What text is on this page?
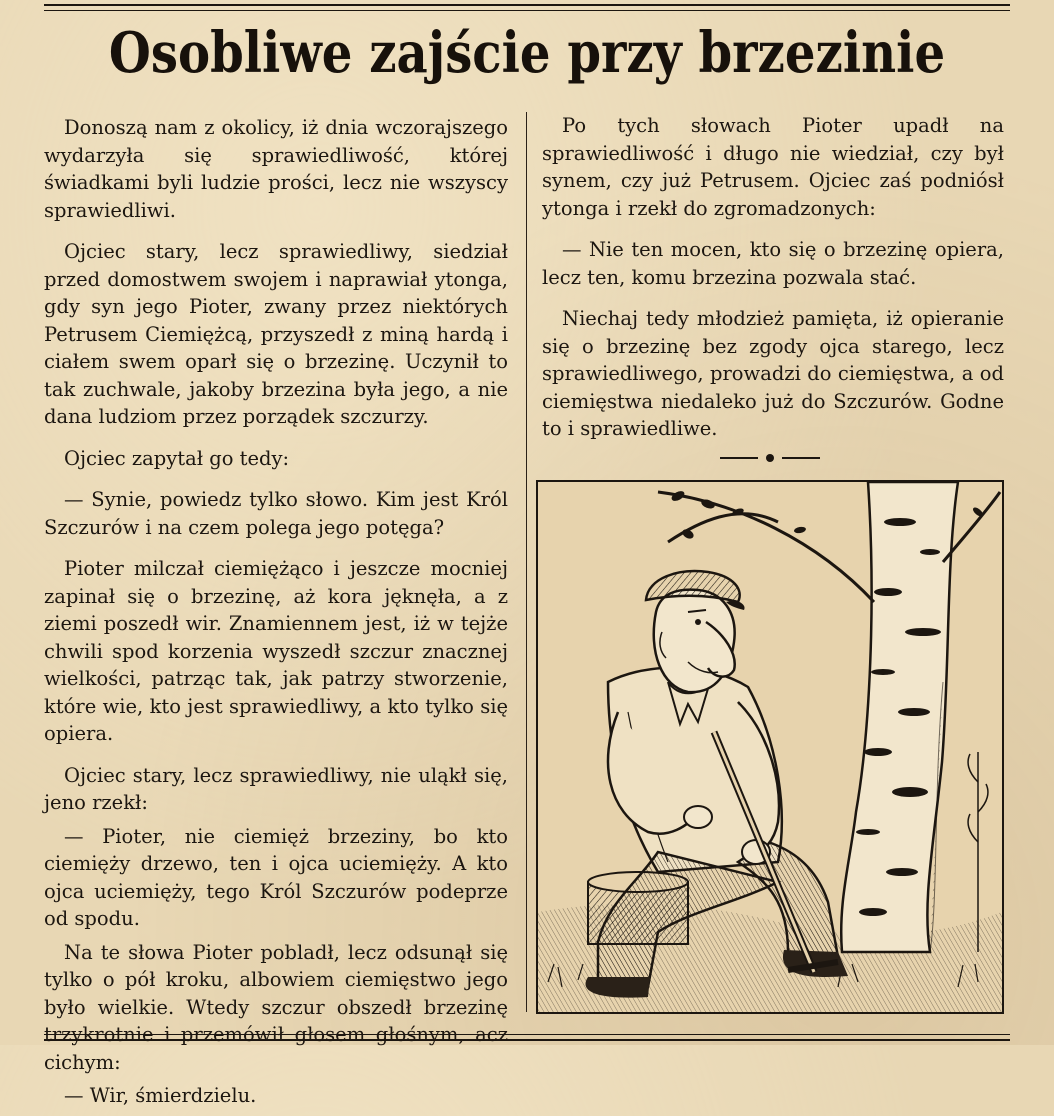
Osobliwe zajście przy brzezinie

Donoszą nam z okolicy, iż dnia wczorajszego wydarzyła się sprawiedliwość, której świadkami byli ludzie prości, lecz nie wszyscy sprawiedliwi.

Ojciec stary, lecz sprawiedliwy, siedział przed domostwem swojem i naprawiał ytonga, gdy syn jego Pioter, zwany przez niektórych Petrusem Ciemiężcą, przyszedł z miną hardą i ciałem swem oparł się o brzezinę. Uczynił to tak zuchwale, jakoby brzezina była jego, a nie dana ludziom przez porządek szczurzy.

Ojciec zapytał go tedy:

— Synie, powiedz tylko słowo. Kim jest Król Szczurów i na czem polega jego potęga?

Pioter milczał ciemiężąco i jeszcze mocniej zapinał się o brzezinę, aż kora jęknęła, a z ziemi poszedł wir. Znamiennem jest, iż w tejże chwili spod korzenia wyszedł szczur znacznej wielkości, patrząc tak, jak patrzy stworzenie, które wie, kto jest sprawiedliwy, a kto tylko się opiera.

Ojciec stary, lecz sprawiedliwy, nie uląkł się, jeno rzekł:

— Pioter, nie ciemięż brzeziny, bo kto ciemięży drzewo, ten i ojca uciemięży. A kto ojca uciemięży, tego Król Szczurów podeprze od spodu.

Na te słowa Pioter pobladł, lecz odsunął się tylko o pół kroku, albowiem ciemięstwo jego było wielkie. Wtedy szczur obszedł brzezinę trzykrotnie i przemówił głosem głośnym, acz cichym:

— Wir, śmierdzielu.

Po tych słowach Pioter upadł na sprawiedliwość i długo nie wiedział, czy był synem, czy już Petrusem. Ojciec zaś podniósł ytonga i rzekł do zgromadzonych:

— Nie ten mocen, kto się o brzezinę opiera, lecz ten, komu brzezina pozwala stać.

Niechaj tedy młodzież pamięta, iż opieranie się o brzezinę bez zgody ojca starego, lecz sprawiedliwego, prowadzi do ciemięstwa, a od ciemięstwa niedaleko już do Szczurów. Godne to i sprawiedliwe.
